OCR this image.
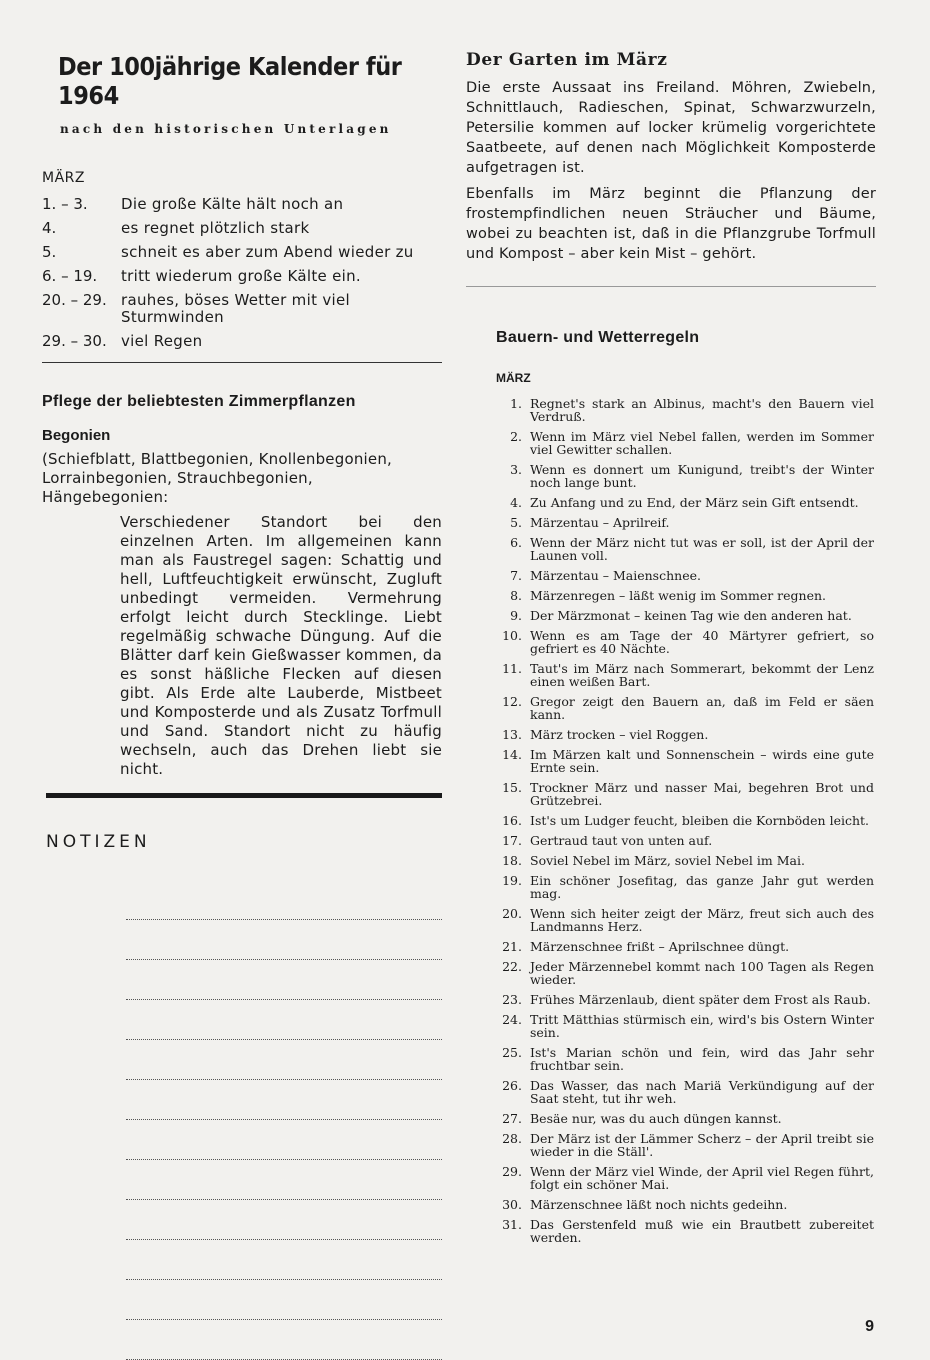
Der 100jährige Kalender für 1964
nach den historischen Unterlagen
MÄRZ
1. – 3.	Die große Kälte hält noch an
4.	es regnet plötzlich stark
5.	schneit es aber zum Abend wieder zu
6. – 19.	tritt wiederum große Kälte ein.
20. – 29. rauhes, böses Wetter mit viel Sturmwinden
29. – 30. viel Regen
Pflege der beliebtesten Zimmerpflanzen
Begonien
(Schiefblatt, Blattbegonien, Knollenbegonien, Lorrainbegonien, Strauchbegonien, Hängebegonien:
Verschiedener Standort bei den einzelnen Arten. Im allgemeinen kann man als Faustregel sagen: Schattig und hell, Luftfeuchtigkeit erwünscht, Zugluft unbedingt vermeiden. Vermehrung erfolgt leicht durch Stecklinge. Liebt regelmäßig schwache Düngung. Auf die Blätter darf kein Gießwasser kommen, da es sonst häßliche Flecken auf diesen gibt. Als Erde alte Lauberde, Mistbeet und Komposterde und als Zusatz Torfmull und Sand. Standort nicht zu häufig wechseln, auch das Drehen liebt sie nicht.
NOTIZEN
Der Garten im März

Die erste Aussaat ins Freiland. Möhren, Zwiebeln, Schnittlauch, Radieschen, Spinat, Schwarzwurzeln, Petersilie kommen auf locker krümelig vorgerichtete Saatbeete, auf denen nach Möglichkeit Komposterde aufgetragen ist.

Ebenfalls im März beginnt die Pflanzung der frostempfindlichen neuen Sträucher und Bäume, wobei zu beachten ist, daß in die Pflanzgrube Torfmull und Kompost – aber kein Mist – gehört.

Bauern- und Wetterregeln
MÄRZ
1. Regnet's stark an Albinus, macht's den Bauern viel Verdruß.
2. Wenn im März viel Nebel fallen, werden im Sommer viel Gewitter schallen.
3. Wenn es donnert um Kunigund, treibt's der Winter noch lange bunt.
4. Zu Anfang und zu End, der März sein Gift entsendt.
5. Märzentau – Aprilreif.
6. Wenn der März nicht tut was er soll, ist der April der Launen voll.
7. Märzentau – Maienschnee.
8. Märzenregen – läßt wenig im Sommer regnen.
9. Der Märzmonat – keinen Tag wie den anderen hat.
10. Wenn es am Tage der 40 Märtyrer gefriert, so gefriert es 40 Nächte.
11. Taut's im März nach Sommerart, bekommt der Lenz einen weißen Bart.
12. Gregor zeigt den Bauern an, daß im Feld er säen kann.
13. März trocken – viel Roggen.
14. Im Märzen kalt und Sonnenschein – wirds eine gute Ernte sein.
15. Trockner März und nasser Mai, begehren Brot und Grützebrei.
16. Ist's um Ludger feucht, bleiben die Kornböden leicht.
17. Gertraud taut von unten auf.
18. Soviel Nebel im März, soviel Nebel im Mai.
19. Ein schöner Josefitag, das ganze Jahr gut werden mag.
20. Wenn sich heiter zeigt der März, freut sich auch des Landmanns Herz.
21. Märzenschnee frißt – Aprilschnee düngt.
22. Jeder Märzennebel kommt nach 100 Tagen als Regen wieder.
23. Frühes Märzenlaub, dient später dem Frost als Raub.
24. Tritt Mätthias stürmisch ein, wird's bis Ostern Winter sein.
25. Ist's Marian schön und fein, wird das Jahr sehr fruchtbar sein.
26. Das Wasser, das nach Mariä Verkündigung auf der Saat steht, tut ihr weh.
27. Besäe nur, was du auch düngen kannst.
28. Der März ist der Lämmer Scherz – der April treibt sie wieder in die Ställ'.
29. Wenn der März viel Winde, der April viel Regen führt, folgt ein schöner Mai.
30. Märzenschnee läßt noch nichts gedeihn.
31. Das Gerstenfeld muß wie ein Brautbett zubereitet werden.
9
